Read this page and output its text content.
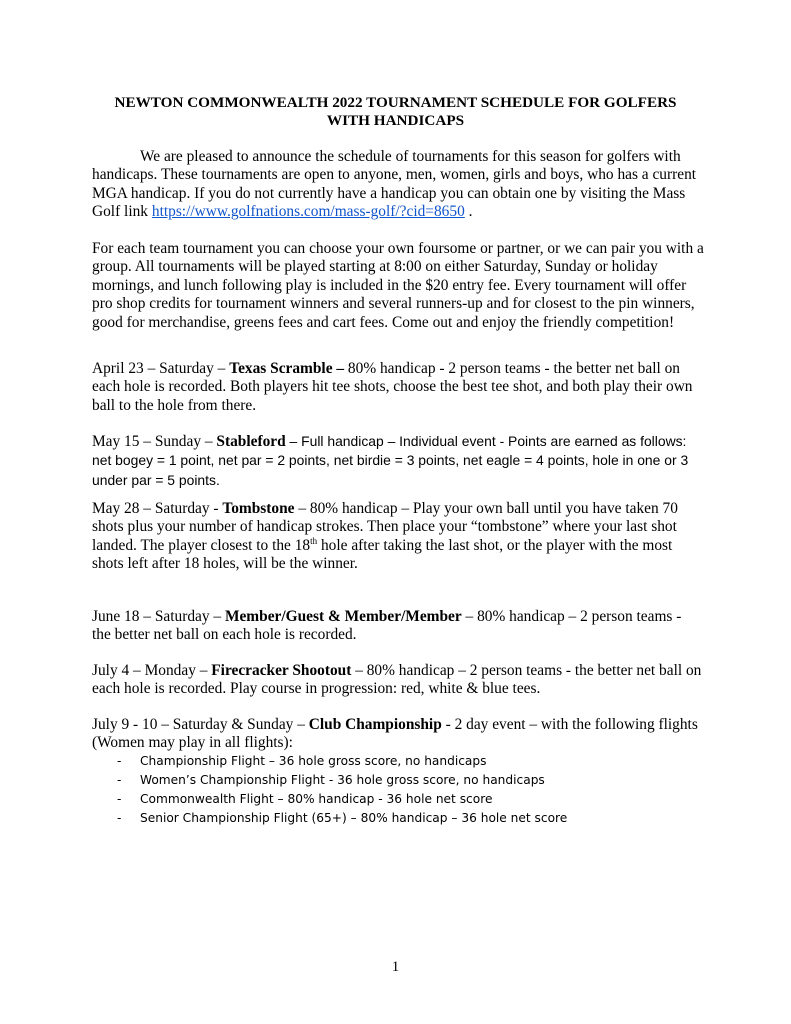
NEWTON COMMONWEALTH 2022 TOURNAMENT SCHEDULE FOR GOLFERS WITH HANDICAPS

We are pleased to announce the schedule of tournaments for this season for golfers with handicaps. These tournaments are open to anyone, men, women, girls and boys, who has a current MGA handicap. If you do not currently have a handicap you can obtain one by visiting the Mass Golf link https://www.golfnations.com/mass-golf/?cid=8650 .

For each team tournament you can choose your own foursome or partner, or we can pair you with a group. All tournaments will be played starting at 8:00 on either Saturday, Sunday or holiday mornings, and lunch following play is included in the $20 entry fee. Every tournament will offer pro shop credits for tournament winners and several runners-up and for closest to the pin winners, good for merchandise, greens fees and cart fees. Come out and enjoy the friendly competition!

April 23 – Saturday – Texas Scramble – 80% handicap - 2 person teams - the better net ball on each hole is recorded. Both players hit tee shots, choose the best tee shot, and both play their own ball to the hole from there.

May 15 – Sunday – Stableford – Full handicap – Individual event - Points are earned as follows: net bogey = 1 point, net par = 2 points, net birdie = 3 points, net eagle = 4 points, hole in one or 3 under par = 5 points.

May 28 – Saturday - Tombstone – 80% handicap – Play your own ball until you have taken 70 shots plus your number of handicap strokes. Then place your “tombstone” where your last shot landed. The player closest to the 18th hole after taking the last shot, or the player with the most shots left after 18 holes, will be the winner.

June 18 – Saturday – Member/Guest & Member/Member – 80% handicap – 2 person teams - the better net ball on each hole is recorded.

July 4 – Monday – Firecracker Shootout – 80% handicap – 2 person teams - the better net ball on each hole is recorded. Play course in progression: red, white & blue tees.

July 9 - 10 – Saturday & Sunday – Club Championship - 2 day event – with the following flights (Women may play in all flights):

- Championship Flight – 36 hole gross score, no handicaps
- Women’s Championship Flight - 36 hole gross score, no handicaps
- Commonwealth Flight – 80% handicap - 36 hole net score
- Senior Championship Flight (65+) – 80% handicap – 36 hole net score
1
